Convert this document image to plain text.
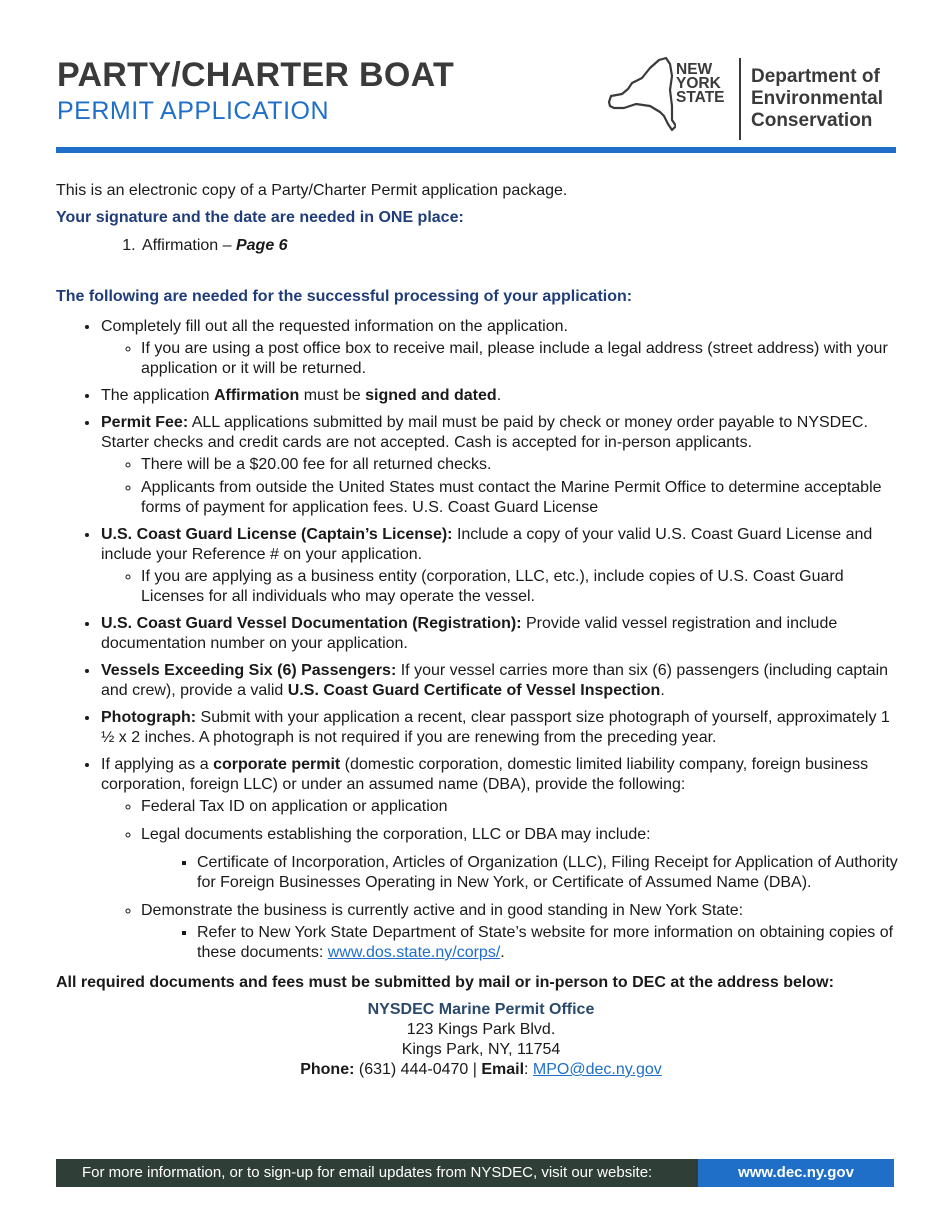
PARTY/CHARTER BOAT
PERMIT APPLICATION
NEW
YORK
STATE
Department of
Environmental
Conservation

This is an electronic copy of a Party/Charter Permit application package.

Your signature and the date are needed in ONE place:

1. Affirmation – Page 6

The following are needed for the successful processing of your application:

• Completely fill out all the requested information on the application.
◦ If you are using a post office box to receive mail, please include a legal address (street address) with your application or it will be returned.
• The application Affirmation must be signed and dated.
• Permit Fee: ALL applications submitted by mail must be paid by check or money order payable to NYSDEC. Starter checks and credit cards are not accepted. Cash is accepted for in-person applicants.
◦ There will be a $20.00 fee for all returned checks.
◦ Applicants from outside the United States must contact the Marine Permit Office to determine acceptable forms of payment for application fees. U.S. Coast Guard License
• U.S. Coast Guard License (Captain’s License): Include a copy of your valid U.S. Coast Guard License and include your Reference # on your application.
◦ If you are applying as a business entity (corporation, LLC, etc.), include copies of U.S. Coast Guard Licenses for all individuals who may operate the vessel.
• U.S. Coast Guard Vessel Documentation (Registration): Provide valid vessel registration and include documentation number on your application.
• Vessels Exceeding Six (6) Passengers: If your vessel carries more than six (6) passengers (including captain and crew), provide a valid U.S. Coast Guard Certificate of Vessel Inspection.
• Photograph: Submit with your application a recent, clear passport size photograph of yourself, approximately 1 ½ x 2 inches. A photograph is not required if you are renewing from the preceding year.
• If applying as a corporate permit (domestic corporation, domestic limited liability company, foreign business corporation, foreign LLC) or under an assumed name (DBA), provide the following:
◦ Federal Tax ID on application or application
◦ Legal documents establishing the corporation, LLC or DBA may include:
▪ Certificate of Incorporation, Articles of Organization (LLC), Filing Receipt for Application of Authority for Foreign Businesses Operating in New York, or Certificate of Assumed Name (DBA).
◦ Demonstrate the business is currently active and in good standing in New York State:
▪ Refer to New York State Department of State’s website for more information on obtaining copies of these documents: www.dos.state.ny/corps/.

All required documents and fees must be submitted by mail or in-person to DEC at the address below:

NYSDEC Marine Permit Office
123 Kings Park Blvd.
Kings Park, NY, 11754
Phone: (631) 444-0470 | Email: MPO@dec.ny.gov
For more information, or to sign-up for email updates from NYSDEC, visit our website:	www.dec.ny.gov
